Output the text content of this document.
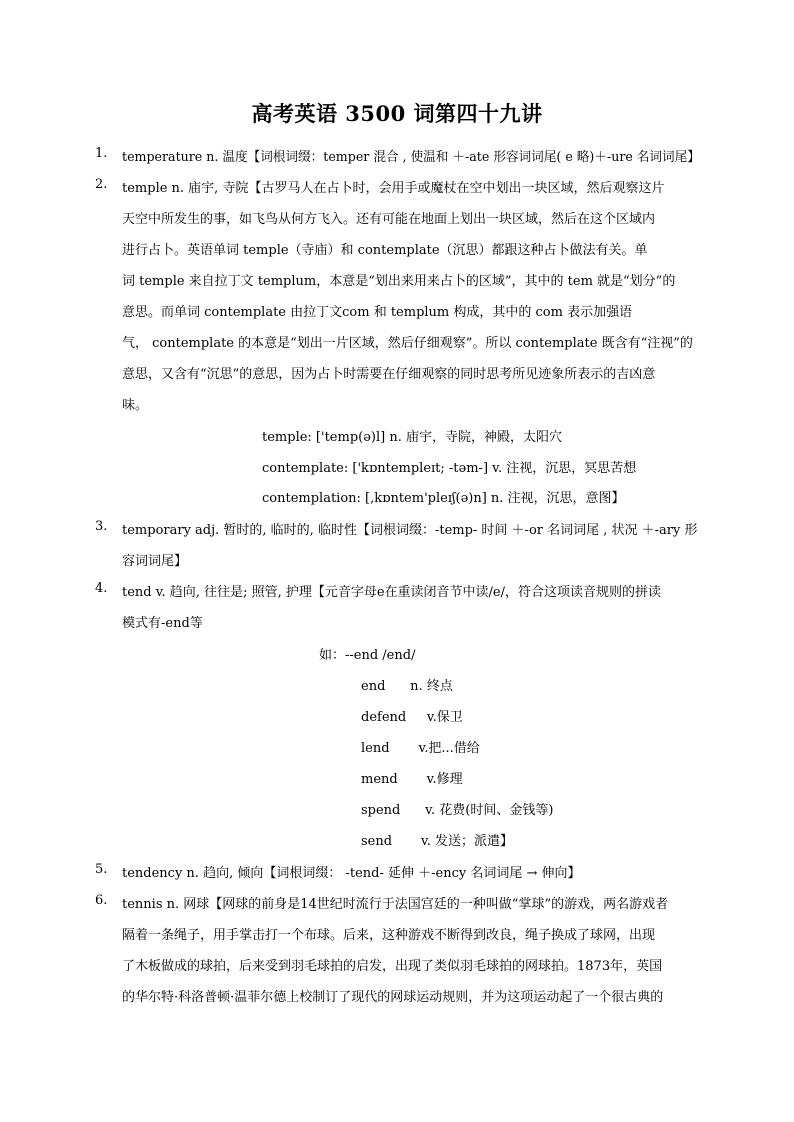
高考英语 3500 词第四十九讲
1. temperature n. 温度【词根词缀：temper 混合 , 使温和 ＋-ate 形容词词尾( e 略)＋-ure 名词词尾】
2. temple n. 庙宇, 寺院【古罗马人在占卜时，会用手或魔杖在空中划出一块区域，然后观察这片
天空中所发生的事，如飞鸟从何方飞入。还有可能在地面上划出一块区域，然后在这个区域内
进行占卜。英语单词 temple（寺庙）和 contemplate（沉思）都跟这种占卜做法有关。单
词 temple 来自拉丁文 templum，本意是“划出来用来占卜的区域”，其中的 tem 就是“划分”的
意思。而单词 contemplate 由拉丁文com 和 templum 构成，其中的 com 表示加强语
气， contemplate 的本意是“划出一片区域，然后仔细观察”。所以 contemplate 既含有“注视”的
意思，又含有“沉思”的意思，因为占卜时需要在仔细观察的同时思考所见迹象所表示的吉凶意
味。
temple: ['temp(ə)l] n. 庙宇，寺院，神殿，太阳穴
contemplate: ['kɒntempleɪt; -təm-] v. 注视，沉思，冥思苦想
contemplation: [,kɒntem'pleɪʃ(ə)n] n. 注视，沉思，意图】
3. temporary adj. 暂时的, 临时的, 临时性【词根词缀：-temp- 时间 ＋-or 名词词尾 , 状况 ＋-ary 形
容词词尾】
4. tend v. 趋向, 往往是; 照管, 护理【元音字母e在重读闭音节中读/e/，符合这项读音规则的拼读
模式有-end等
如：--end /end/
end      n. 终点
defend     v.保卫
lend       v.把...借给
mend       v.修理
spend      v. 花费(时间、金钱等)
send       v. 发送；派遣】
5. tendency n. 趋向, 倾向【词根词缀： -tend- 延伸 ＋-ency 名词词尾 → 伸向】
6. tennis n. 网球【网球的前身是14世纪时流行于法国宫廷的一种叫做“掌球”的游戏，两名游戏者
隔着一条绳子，用手掌击打一个布球。后来，这种游戏不断得到改良，绳子换成了球网，出现
了木板做成的球拍，后来受到羽毛球拍的启发，出现了类似羽毛球拍的网球拍。1873年，英国
的华尔特·科洛普顿·温菲尔德上校制订了现代的网球运动规则，并为这项运动起了一个很古典的
